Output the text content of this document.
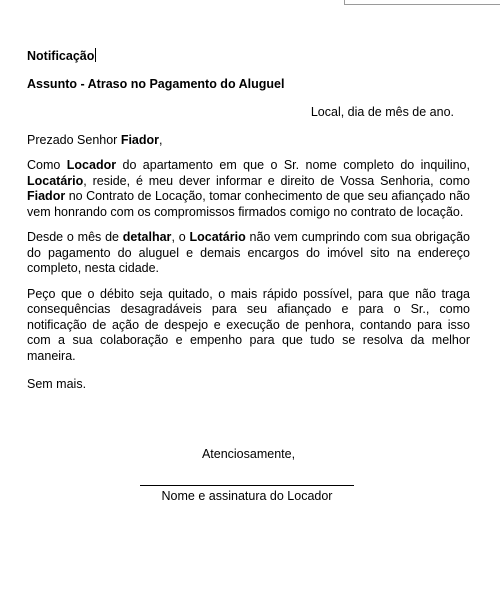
Notificação

Assunto - Atraso no Pagamento do Aluguel

Local, dia de mês de ano.
Prezado Senhor Fiador,

Como Locador do apartamento em que o Sr. nome completo do inquilino, Locatário, reside, é meu dever informar e direito de Vossa Senhoria, como Fiador no Contrato de Locação, tomar conhecimento de que seu afiançado não vem honrando com os compromissos firmados comigo no contrato de locação.

Desde o mês de detalhar, o Locatário não vem cumprindo com sua obrigação do pagamento do aluguel e demais encargos do imóvel sito na endereço completo, nesta cidade.

Peço que o débito seja quitado, o mais rápido possível, para que não traga consequências desagradáveis para seu afiançado e para o Sr., como notificação de ação de despejo e execução de penhora, contando para isso com a sua colaboração e empenho para que tudo se resolva da melhor maneira.

Sem mais.
Atenciosamente,
Nome e assinatura do Locador
